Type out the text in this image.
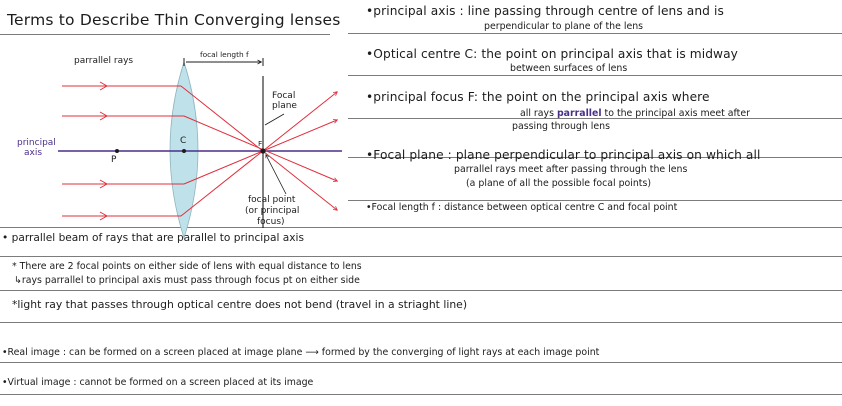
Terms to Describe Thin Converging lenses
parrallel rays
focal length f
Focal
plane
principal
axis
P
C	F
focal point
(or principal
focus)
•principal axis : line passing through centre of lens and is
perpendicular to plane of the lens
•Optical centre C: the point on principal axis that is midway
between surfaces of lens
•principal focus F: the point on the principal axis where
all rays parrallel to the principal axis meet after
passing through lens
•Focal plane : plane perpendicular to principal axis on which all
parrallel rays meet after passing through the lens
(a plane of all the possible focal points)
•Focal length f : distance between optical centre C and focal point
• parrallel beam of rays that are parallel to principal axis
* There are 2 focal points on either side of lens with equal distance to lens
↳rays parrallel to principal axis must pass through focus pt on either side
*light ray that passes through optical centre does not bend (travel in a striaght line)
•Real image : can be formed on a screen placed at image plane ⟶ formed by the converging of light rays at each image point
•Virtual image : cannot be formed on a screen placed at its image
